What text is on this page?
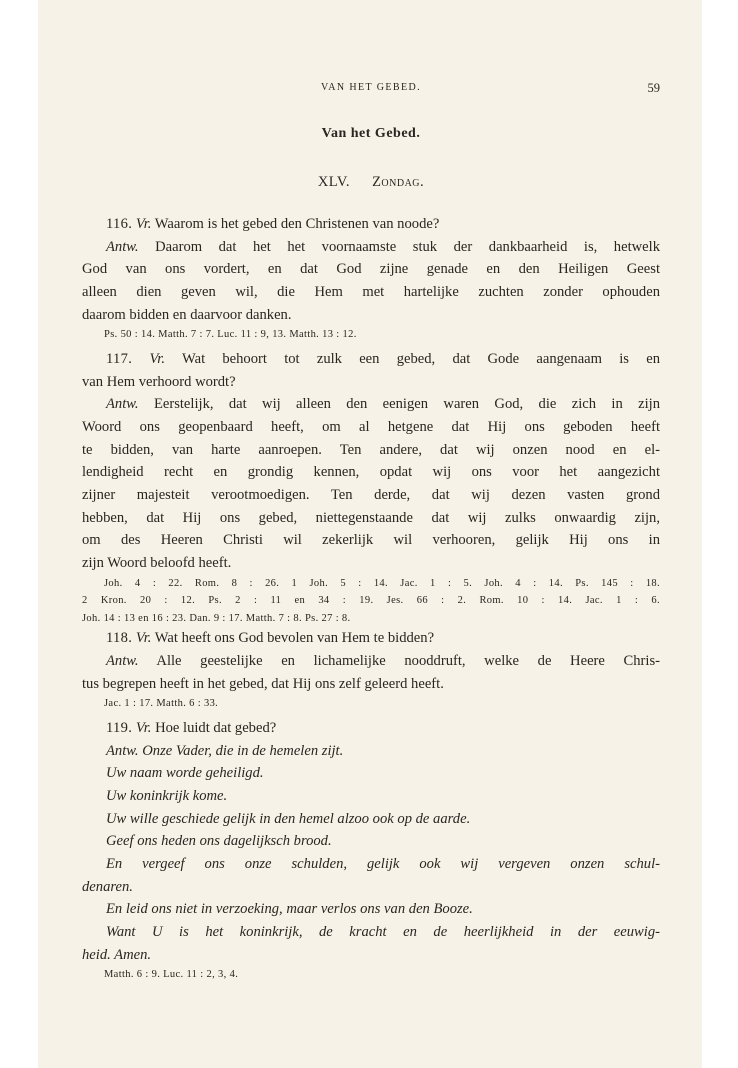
VAN HET GEBED.	59
Van het Gebed.
XLV. Zondag.
116. Vr. Waarom is het gebed den Christenen van noode?
Antw. Daarom dat het het voornaamste stuk der dankbaarheid is, hetwelk
God van ons vordert, en dat God zijne genade en den Heiligen Geest
alleen dien geven wil, die Hem met hartelijke zuchten zonder ophouden
daarom bidden en daarvoor danken.
Ps. 50 : 14. Matth. 7 : 7. Luc. 11 : 9, 13. Matth. 13 : 12.
117. Vr. Wat behoort tot zulk een gebed, dat Gode aangenaam is en
van Hem verhoord wordt?
Antw. Eerstelijk, dat wij alleen den eenigen waren God, die zich in zijn
Woord ons geopenbaard heeft, om al hetgene dat Hij ons geboden heeft
te bidden, van harte aanroepen. Ten andere, dat wij onzen nood en el-
lendigheid recht en grondig kennen, opdat wij ons voor het aangezicht
zijner majesteit verootmoedigen. Ten derde, dat wij dezen vasten grond
hebben, dat Hij ons gebed, niettegenstaande dat wij zulks onwaardig zijn,
om des Heeren Christi wil zekerlijk wil verhooren, gelijk Hij ons in
zijn Woord beloofd heeft.
Joh. 4 : 22. Rom. 8 : 26. 1 Joh. 5 : 14. Jac. 1 : 5. Joh. 4 : 14. Ps. 145 : 18.
2 Kron. 20 : 12. Ps. 2 : 11 en 34 : 19. Jes. 66 : 2. Rom. 10 : 14. Jac. 1 : 6.
Joh. 14 : 13 en 16 : 23. Dan. 9 : 17. Matth. 7 : 8. Ps. 27 : 8.
118. Vr. Wat heeft ons God bevolen van Hem te bidden?
Antw. Alle geestelijke en lichamelijke nooddruft, welke de Heere Chris-
tus begrepen heeft in het gebed, dat Hij ons zelf geleerd heeft.
Jac. 1 : 17. Matth. 6 : 33.
119. Vr. Hoe luidt dat gebed?
Antw. Onze Vader, die in de hemelen zijt.
Uw naam worde geheiligd.
Uw koninkrijk kome.
Uw wille geschiede gelijk in den hemel alzoo ook op de aarde.
Geef ons heden ons dagelijksch brood.
En vergeef ons onze schulden, gelijk ook wij vergeven onzen schul-
denaren.
En leid ons niet in verzoeking, maar verlos ons van den Booze.
Want U is het koninkrijk, de kracht en de heerlijkheid in der eeuwig-
heid. Amen.
Matth. 6 : 9. Luc. 11 : 2, 3, 4.
